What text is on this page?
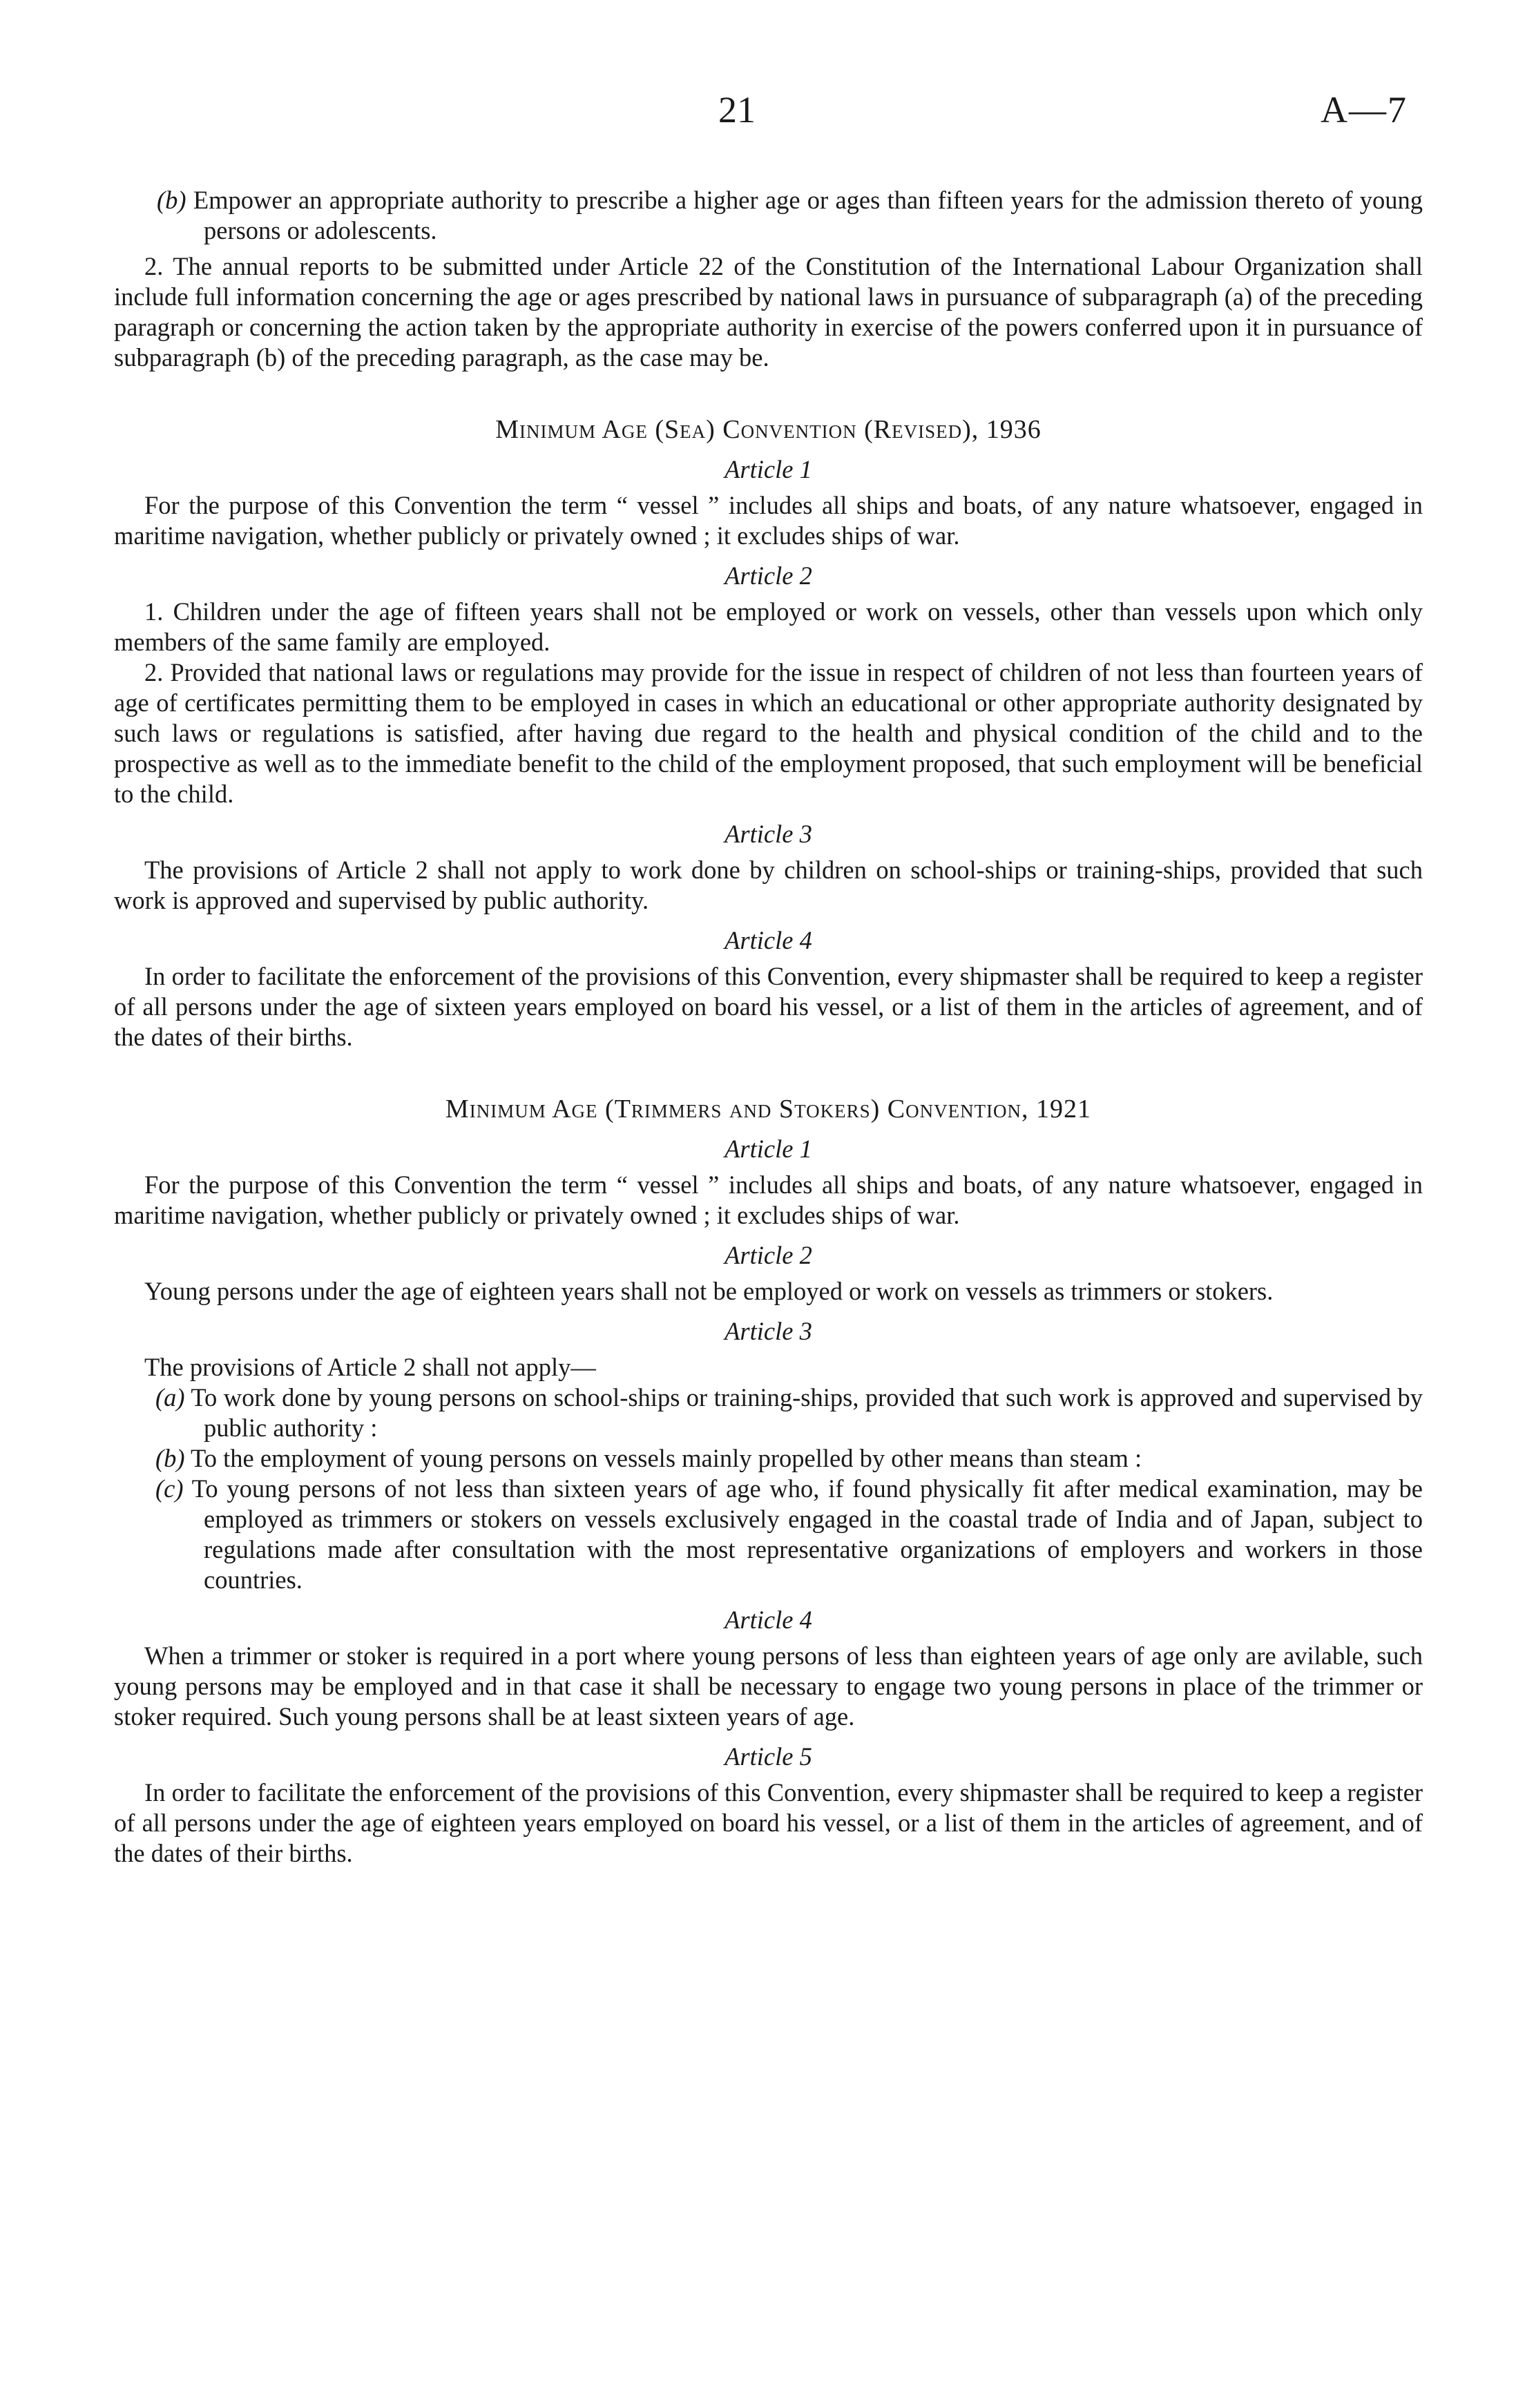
21	A—7

(b) Empower an appropriate authority to prescribe a higher age or ages than fifteen years for the admission thereto of young persons or adolescents.

2. The annual reports to be submitted under Article 22 of the Constitution of the International Labour Organization shall include full information concerning the age or ages prescribed by national laws in pursuance of subparagraph (a) of the preceding paragraph or concerning the action taken by the appropriate authority in exercise of the powers conferred upon it in pursuance of subparagraph (b) of the preceding paragraph, as the case may be.

Minimum Age (Sea) Convention (Revised), 1936

Article 1

For the purpose of this Convention the term “ vessel ” includes all ships and boats, of any nature whatsoever, engaged in maritime navigation, whether publicly or privately owned ; it excludes ships of war.

Article 2

1. Children under the age of fifteen years shall not be employed or work on vessels, other than vessels upon which only members of the same family are employed.

2. Provided that national laws or regulations may provide for the issue in respect of children of not less than fourteen years of age of certificates permitting them to be employed in cases in which an educational or other appropriate authority designated by such laws or regulations is satisfied, after having due regard to the health and physical condition of the child and to the prospective as well as to the immediate benefit to the child of the employment proposed, that such employment will be beneficial to the child.

Article 3

The provisions of Article 2 shall not apply to work done by children on school-ships or training-ships, provided that such work is approved and supervised by public authority.

Article 4

In order to facilitate the enforcement of the provisions of this Convention, every shipmaster shall be required to keep a register of all persons under the age of sixteen years employed on board his vessel, or a list of them in the articles of agreement, and of the dates of their births.

Minimum Age (Trimmers and Stokers) Convention, 1921

Article 1

For the purpose of this Convention the term “ vessel ” includes all ships and boats, of any nature whatsoever, engaged in maritime navigation, whether publicly or privately owned ; it excludes ships of war.

Article 2

Young persons under the age of eighteen years shall not be employed or work on vessels as trimmers or stokers.

Article 3

The provisions of Article 2 shall not apply—

(a) To work done by young persons on school-ships or training-ships, provided that such work is approved and supervised by public authority :

(b) To the employment of young persons on vessels mainly propelled by other means than steam :

(c) To young persons of not less than sixteen years of age who, if found physically fit after medical examination, may be employed as trimmers or stokers on vessels exclusively engaged in the coastal trade of India and of Japan, subject to regulations made after consultation with the most representative organizations of employers and workers in those countries.

Article 4

When a trimmer or stoker is required in a port where young persons of less than eighteen years of age only are avilable, such young persons may be employed and in that case it shall be necessary to engage two young persons in place of the trimmer or stoker required. Such young persons shall be at least sixteen years of age.

Article 5

In order to facilitate the enforcement of the provisions of this Convention, every shipmaster shall be required to keep a register of all persons under the age of eighteen years employed on board his vessel, or a list of them in the articles of agreement, and of the dates of their births.
